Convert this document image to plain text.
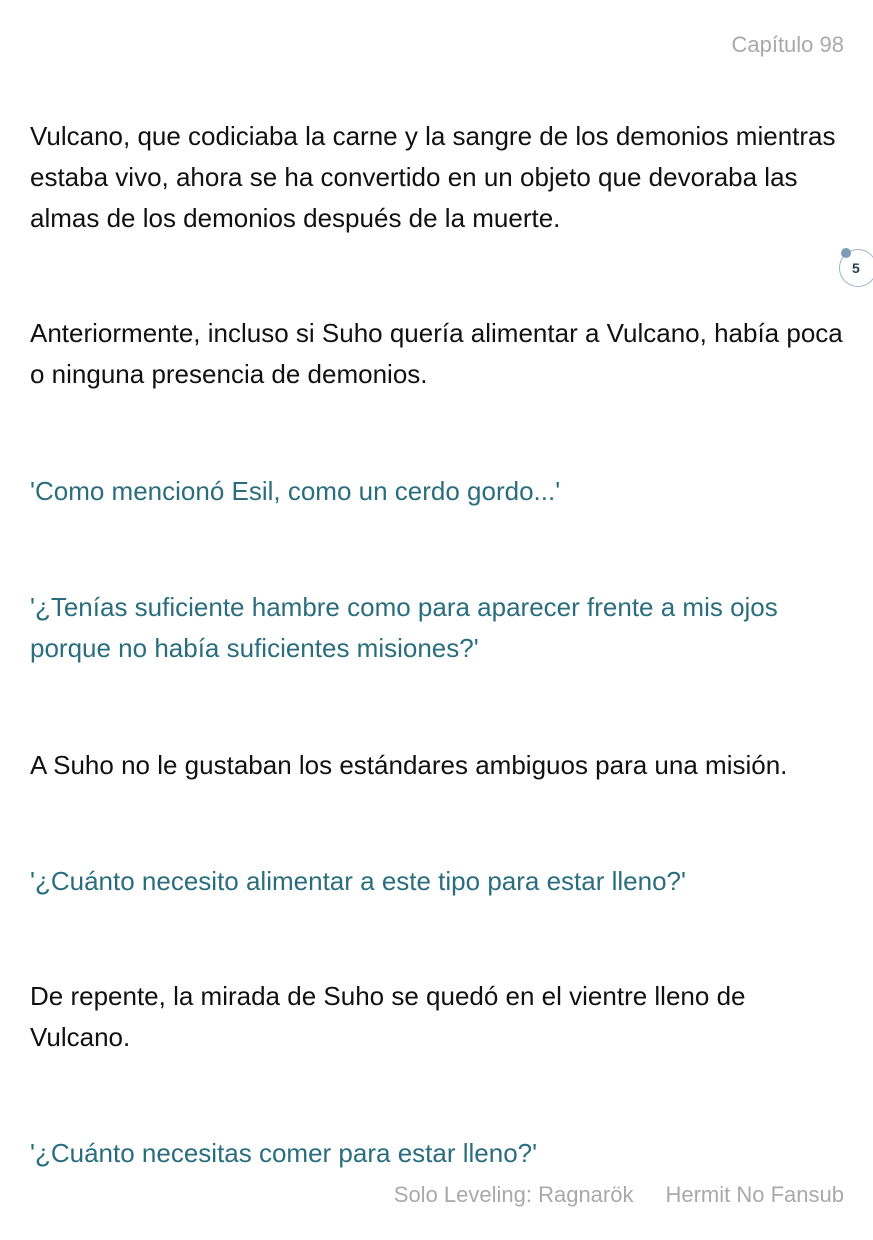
Capítulo 98

Vulcano, que codiciaba la carne y la sangre de los demonios mientras estaba vivo, ahora se ha convertido en un objeto que devoraba las almas de los demonios después de la muerte.

5

Anteriormente, incluso si Suho quería alimentar a Vulcano, había poca o ninguna presencia de demonios.

'Como mencionó Esil, como un cerdo gordo...'

'¿Tenías suficiente hambre como para aparecer frente a mis ojos porque no había suficientes misiones?'

A Suho no le gustaban los estándares ambiguos para una misión.

'¿Cuánto necesito alimentar a este tipo para estar lleno?'

De repente, la mirada de Suho se quedó en el vientre lleno de Vulcano.

'¿Cuánto necesitas comer para estar lleno?'

Solo Leveling: Ragnarök Hermit No Fansub
